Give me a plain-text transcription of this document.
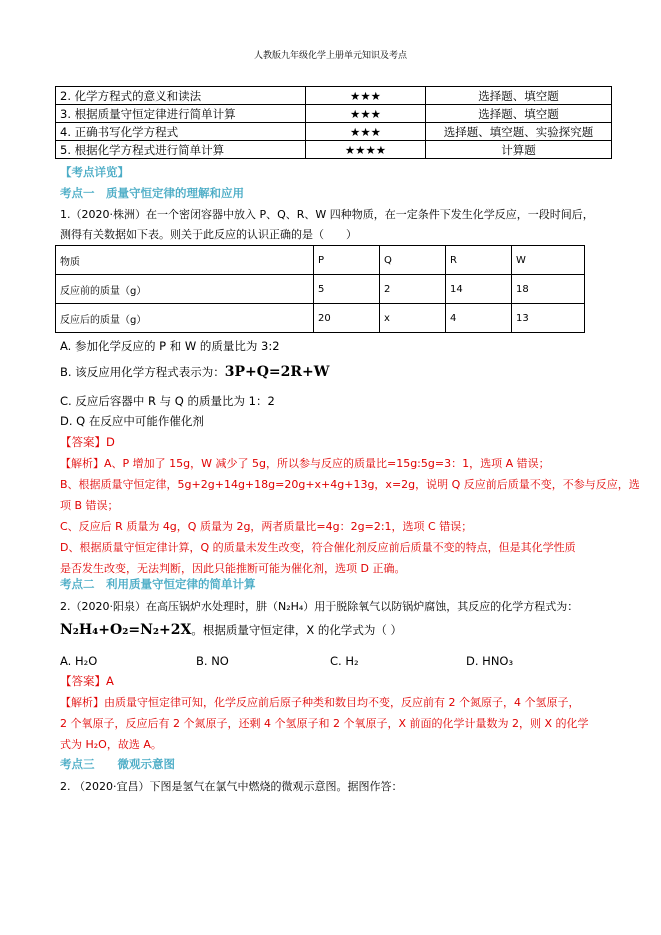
人教版九年级化学上册单元知识及考点
2. 化学方程式的意义和读法	★★★	选择题、填空题
3. 根据质量守恒定律进行简单计算	★★★	选择题、填空题
4. 正确书写化学方程式	★★★	选择题、填空题、实验探究题
5. 根据化学方程式进行简单计算	★★★★	计算题
【考点详览】
考点一　质量守恒定律的理解和应用
1.（2020·株洲）在一个密闭容器中放入 P、Q、R、W 四种物质，在一定条件下发生化学反应，一段时间后，
测得有关数据如下表。则关于此反应的认识正确的是（　　）
物质	P	Q	R	W
反应前的质量（g）	5	2	14	18
反应后的质量（g）	20	x	4	13
A. 参加化学反应的 P 和 W 的质量比为 3:2
B. 该反应用化学方程式表示为：3P+Q=2R+W
C. 反应后容器中 R 与 Q 的质量比为 1：2
D. Q 在反应中可能作催化剂
【答案】D
【解析】A、P 增加了 15g，W 减少了 5g，所以参与反应的质量比=15g:5g=3：1，选项 A 错误；
B、根据质量守恒定律，5g+2g+14g+18g=20g+x+4g+13g，x=2g，说明 Q 反应前后质量不变，不参与反应，选
项 B 错误；
C、反应后 R 质量为 4g，Q 质量为 2g，两者质量比=4g：2g=2:1，选项 C 错误；
D、根据质量守恒定律计算，Q 的质量未发生改变，符合催化剂反应前后质量不变的特点，但是其化学性质
是否发生改变，无法判断，因此只能推断可能为催化剂，选项 D 正确。
考点二　利用质量守恒定律的简单计算
2.（2020·阳泉）在高压锅炉水处理时，肼（N₂H₄）用于脱除氧气以防锅炉腐蚀，其反应的化学方程式为：
N₂H₄+O₂=N₂+2X。根据质量守恒定律，X 的化学式为（ ）
A. H₂O	B. NO	C. H₂	D. HNO₃
【答案】A
【解析】由质量守恒定律可知，化学反应前后原子种类和数目均不变，反应前有 2 个氮原子，4 个氢原子，
2 个氧原子，反应后有 2 个氮原子，还剩 4 个氢原子和 2 个氧原子，X 前面的化学计量数为 2，则 X 的化学
式为 H₂O，故选 A。
考点三　　微观示意图
2. （2020·宜昌）下图是氢气在氯气中燃烧的微观示意图。据图作答：
